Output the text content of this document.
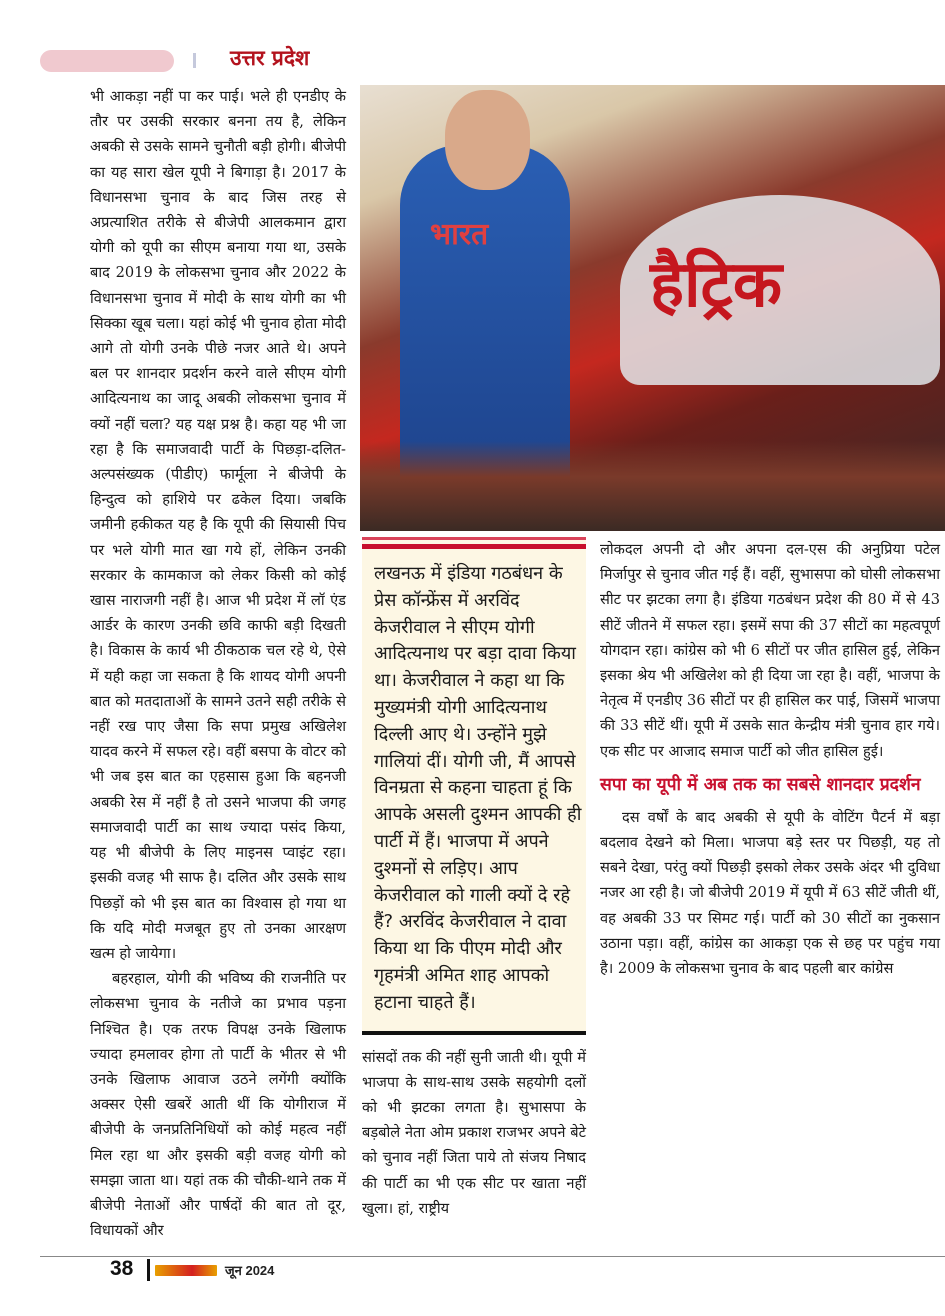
उत्तर प्रदेश

भी आकड़ा नहीं पा कर पाई। भले ही एनडीए के तौर पर उसकी सरकार बनना तय है, लेकिन अबकी से उसके सामने चुनौती बड़ी होगी। बीजेपी का यह सारा खेल यूपी ने बिगाड़ा है। 2017 के विधानसभा चुनाव के बाद जिस तरह से अप्रत्याशित तरीके से बीजेपी आलकमान द्वारा योगी को यूपी का सीएम बनाया गया था, उसके बाद 2019 के लोकसभा चुनाव और 2022 के विधानसभा चुनाव में मोदी के साथ योगी का भी सिक्का खूब चला। यहां कोई भी चुनाव होता मोदी आगे तो योगी उनके पीछे नजर आते थे। अपने बल पर शानदार प्रदर्शन करने वाले सीएम योगी आदित्यनाथ का जादू अबकी लोकसभा चुनाव में क्यों नहीं चला? यह यक्ष प्रश्न है। कहा यह भी जा रहा है कि समाजवादी पार्टी के पिछड़ा-दलित-अल्पसंख्यक (पीडीए) फार्मूला ने बीजेपी के हिन्दुत्व को हाशिये पर ढकेल दिया। जबकि जमीनी हकीकत यह है कि यूपी की सियासी पिच पर भले योगी मात खा गये हों, लेकिन उनकी सरकार के कामकाज को लेकर किसी को कोई खास नाराजगी नहीं है। आज भी प्रदेश में लॉ एंड आर्डर के कारण उनकी छवि काफी बड़ी दिखती है। विकास के कार्य भी ठीकठाक चल रहे थे, ऐसे में यही कहा जा सकता है कि शायद योगी अपनी बात को मतदाताओं के सामने उतने सही तरीके से नहीं रख पाए जैसा कि सपा प्रमुख अखिलेश यादव करने में सफल रहे। वहीं बसपा के वोटर को भी जब इस बात का एहसास हुआ कि बहनजी अबकी रेस में नहीं है तो उसने भाजपा की जगह समाजवादी पार्टी का साथ ज्यादा पसंद किया, यह भी बीजेपी के लिए माइनस प्वाइंट रहा। इसकी वजह भी साफ है। दलित और उसके साथ पिछड़ों को भी इस बात का विश्वास हो गया था कि यदि मोदी मजबूत हुए तो उनका आरक्षण खत्म हो जायेगा।

बहरहाल, योगी की भविष्य की राजनीति पर लोकसभा चुनाव के नतीजे का प्रभाव पड़ना निश्चित है। एक तरफ विपक्ष उनके खिलाफ ज्यादा हमलावर होगा तो पार्टी के भीतर से भी उनके खिलाफ आवाज उठने लगेंगी क्योंकि अक्सर ऐसी खबरें आती थीं कि योगीराज में बीजेपी के जनप्रतिनिधियों को कोई महत्व नहीं मिल रहा था और इसकी बड़ी वजह योगी को समझा जाता था। यहां तक की चौकी-थाने तक में बीजेपी नेताओं और पार्षदों की बात तो दूर, विधायकों और

हैट्रिक
भारत
लखनऊ में इंडिया गठबंधन के प्रेस कॉन्फ्रेंस में अरविंद केजरीवाल ने सीएम योगी आदित्यनाथ पर बड़ा दावा किया था। केजरीवाल ने कहा था कि मुख्यमंत्री योगी आदित्यनाथ दिल्ली आए थे। उन्होंने मुझे गालियां दीं। योगी जी, मैं आपसे विनम्रता से कहना चाहता हूं कि आपके असली दुश्मन आपकी ही पार्टी में हैं। भाजपा में अपने दुश्मनों से लड़िए। आप केजरीवाल को गाली क्यों दे रहे हैं? अरविंद केजरीवाल ने दावा किया था कि पीएम मोदी और गृहमंत्री अमित शाह आपको हटाना चाहते हैं।

सांसदों तक की नहीं सुनी जाती थी। यूपी में भाजपा के साथ-साथ उसके सहयोगी दलों को भी झटका लगता है। सुभासपा के बड़बोले नेता ओम प्रकाश राजभर अपने बेटे को चुनाव नहीं जिता पाये तो संजय निषाद की पार्टी का भी एक सीट पर खाता नहीं खुला। हां, राष्ट्रीय

लोकदल अपनी दो और अपना दल-एस की अनुप्रिया पटेल मिर्जापुर से चुनाव जीत गई हैं। वहीं, सुभासपा को घोसी लोकसभा सीट पर झटका लगा है। इंडिया गठबंधन प्रदेश की 80 में से 43 सीटें जीतने में सफल रहा। इसमें सपा की 37 सीटों का महत्वपूर्ण योगदान रहा। कांग्रेस को भी 6 सीटों पर जीत हासिल हुई, लेकिन इसका श्रेय भी अखिलेश को ही दिया जा रहा है। वहीं, भाजपा के नेतृत्व में एनडीए 36 सीटों पर ही हासिल कर पाई, जिसमें भाजपा की 33 सीटें थीं। यूपी में उसके सात केन्द्रीय मंत्री चुनाव हार गये। एक सीट पर आजाद समाज पार्टी को जीत हासिल हुई।

सपा का यूपी में अब तक का सबसे शानदार प्रदर्शन

दस वर्षों के बाद अबकी से यूपी के वोटिंग पैटर्न में बड़ा बदलाव देखने को मिला। भाजपा बड़े स्तर पर पिछड़ी, यह तो सबने देखा, परंतु क्यों पिछड़ी इसको लेकर उसके अंदर भी दुविधा नजर आ रही है। जो बीजेपी 2019 में यूपी में 63 सीटें जीती थीं, वह अबकी 33 पर सिमट गई। पार्टी को 30 सीटों का नुकसान उठाना पड़ा। वहीं, कांग्रेस का आकड़ा एक से छह पर पहुंच गया है। 2009 के लोकसभा चुनाव के बाद पहली बार कांग्रेस

38	जून 2024
